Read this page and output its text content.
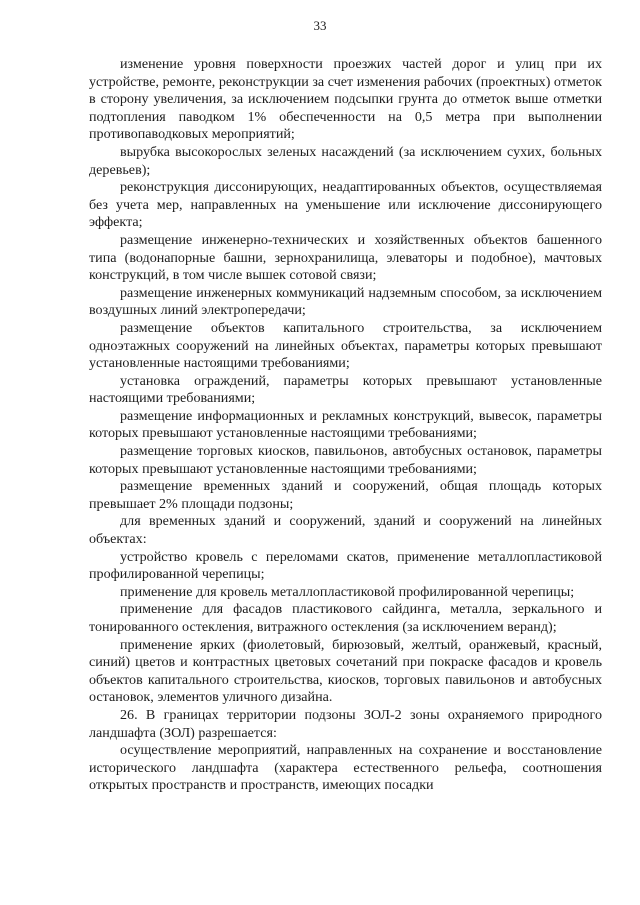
33

изменение уровня поверхности проезжих частей дорог и улиц при их устройстве, ремонте, реконструкции за счет изменения рабочих (проектных) отметок в сторону увеличения, за исключением подсыпки грунта до отметок выше отметки подтопления паводком 1% обеспеченности на 0,5 метра при выполнении противопаводковых мероприятий;

вырубка высокорослых зеленых насаждений (за исключением сухих, больных деревьев);

реконструкция диссонирующих, неадаптированных объектов, осуществляемая без учета мер, направленных на уменьшение или исключение диссонирующего эффекта;

размещение инженерно-технических и хозяйственных объектов башенного типа (водонапорные башни, зернохранилища, элеваторы и подобное), мачтовых конструкций, в том числе вышек сотовой связи;

размещение инженерных коммуникаций надземным способом, за исключением воздушных линий электропередачи;

размещение объектов капитального строительства, за исключением одноэтажных сооружений на линейных объектах, параметры которых превышают установленные настоящими требованиями;

установка ограждений, параметры которых превышают установленные настоящими требованиями;

размещение информационных и рекламных конструкций, вывесок, параметры которых превышают установленные настоящими требованиями;

размещение торговых киосков, павильонов, автобусных остановок, параметры которых превышают установленные настоящими требованиями;

размещение временных зданий и сооружений, общая площадь которых превышает 2% площади подзоны;

для временных зданий и сооружений, зданий и сооружений на линейных объектах:

устройство кровель с переломами скатов, применение металлопластиковой профилированной черепицы;

применение для кровель металлопластиковой профилированной черепицы;

применение для фасадов пластикового сайдинга, металла, зеркального и тонированного остекления, витражного остекления (за исключением веранд);

применение ярких (фиолетовый, бирюзовый, желтый, оранжевый, красный, синий) цветов и контрастных цветовых сочетаний при покраске фасадов и кровель объектов капитального строительства, киосков, торговых павильонов и автобусных остановок, элементов уличного дизайна.

26. В границах территории подзоны ЗОЛ-2 зоны охраняемого природного ландшафта (ЗОЛ) разрешается:

осуществление мероприятий, направленных на сохранение и восстановление исторического ландшафта (характера естественного рельефа, соотношения открытых пространств и пространств, имеющих посадки
